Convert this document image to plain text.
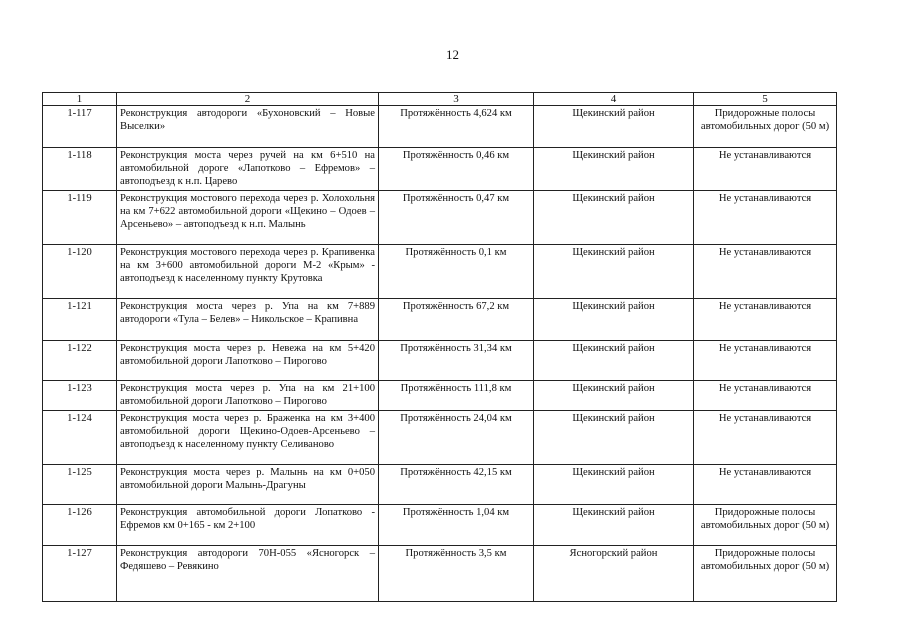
12
1	2	3	4	5
1-117	Реконструкция автодороги «Бухоновский – Новые Выселки»	Протяжённость 4,624 км	Щекинский район	Придорожные полосы автомобильных дорог (50 м)
1-118	Реконструкция моста через ручей на км 6+510 на автомобильной дороге «Лапотково – Ефремов» – автоподъезд к н.п. Царево	Протяжённость 0,46 км	Щекинский район	Не устанавливаются
1-119	Реконструкция мостового перехода через р. Холохольня на км 7+622 автомобильной дороги «Щекино – Одоев – Арсеньево» – автоподъезд к н.п. Малынь	Протяжённость 0,47 км	Щекинский район	Не устанавливаются
1-120	Реконструкция мостового перехода через р. Крапивенка на км 3+600 автомобильной дороги М-2 «Крым» - автоподъезд к населенному пункту Крутовка	Протяжённость 0,1 км	Щекинский район	Не устанавливаются
1-121	Реконструкция моста через р. Упа на км 7+889 автодороги «Тула – Белев» – Никольское – Крапивна	Протяжённость 67,2 км	Щекинский район	Не устанавливаются
1-122	Реконструкция моста через р. Невежа на км 5+420 автомобильной дороги Лапотково – Пирогово	Протяжённость 31,34 км	Щекинский район	Не устанавливаются
1-123	Реконструкция моста через р. Упа на км 21+100 автомобильной дороги Лапотково – Пирогово	Протяжённость 111,8 км	Щекинский район	Не устанавливаются
1-124	Реконструкция моста через р. Браженка на км 3+400 автомобильной дороги Щекино-Одоев-Арсеньево – автоподъезд к населенному пункту Селиваново	Протяжённость 24,04 км	Щекинский район	Не устанавливаются
1-125	Реконструкция моста через р. Малынь на км 0+050 автомобильной дороги Малынь-Драгуны	Протяжённость 42,15 км	Щекинский район	Не устанавливаются
1-126	Реконструкция автомобильной дороги Лопатково - Ефремов км 0+165 - км 2+100	Протяжённость 1,04 км	Щекинский район	Придорожные полосы автомобильных дорог (50 м)
1-127	Реконструкция автодороги 70Н-055 «Ясногорск – Федяшево – Ревякино	Протяжённость 3,5 км	Ясногорский район	Придорожные полосы автомобильных дорог (50 м)
